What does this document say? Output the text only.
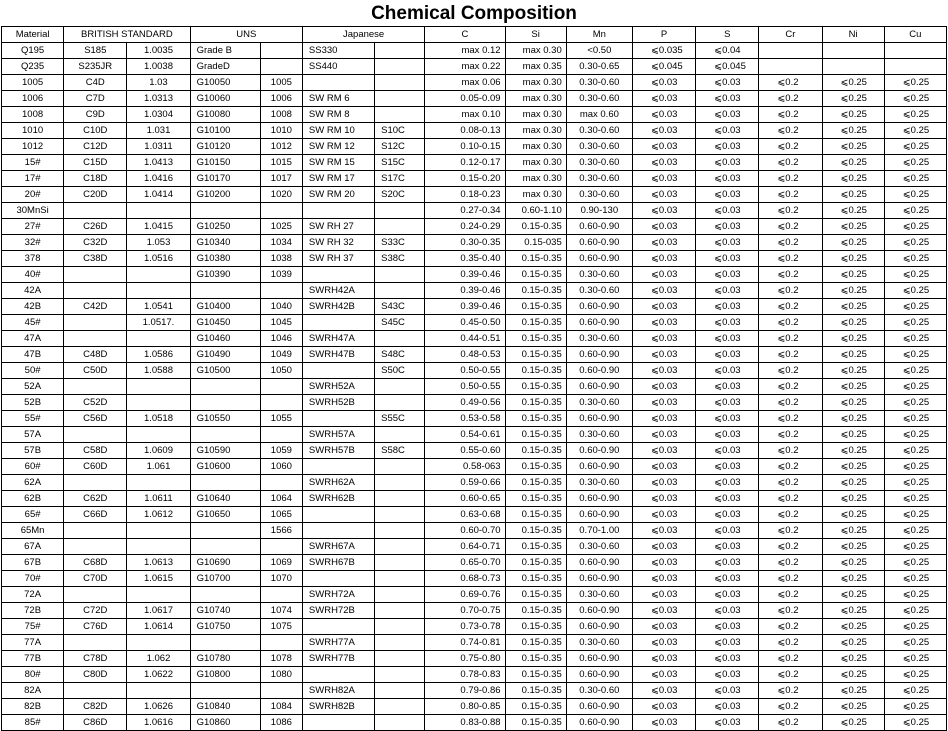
Chemical Composition
Material	BRITISH STANDARD		UNS		Japanese		C	Si	Mn	P	S	Cr	Ni	Cu
Q195	S185	1.0035	Grade B		SS330		max 0.12	max 0.30	<0.50	⩽0.035	⩽0.04			
Q235	S235JR	1.0038	GradeD		SS440		max 0.22	max 0.35	0.30-0.65	⩽0.045	⩽0.045			
1005	C4D	1.03	G10050	1005			max 0.06	max 0.30	0.30-0.60	⩽0.03	⩽0.03	⩽0.2	⩽0.25	⩽0.25
1006	C7D	1.0313	G10060	1006	SW RM 6		0.05-0.09	max 0.30	0.30-0.60	⩽0.03	⩽0.03	⩽0.2	⩽0.25	⩽0.25
1008	C9D	1.0304	G10080	1008	SW RM 8		max 0.10	max 0.30	max 0.60	⩽0.03	⩽0.03	⩽0.2	⩽0.25	⩽0.25
1010	C10D	1.031	G10100	1010	SW RM 10	S10C	0.08-0.13	max 0.30	0.30-0.60	⩽0.03	⩽0.03	⩽0.2	⩽0.25	⩽0.25
1012	C12D	1.0311	G10120	1012	SW RM 12	S12C	0.10-0.15	max 0.30	0.30-0.60	⩽0.03	⩽0.03	⩽0.2	⩽0.25	⩽0.25
15#	C15D	1.0413	G10150	1015	SW RM 15	S15C	0.12-0.17	max 0.30	0.30-0.60	⩽0.03	⩽0.03	⩽0.2	⩽0.25	⩽0.25
17#	C18D	1.0416	G10170	1017	SW RM 17	S17C	0.15-0.20	max 0.30	0.30-0.60	⩽0.03	⩽0.03	⩽0.2	⩽0.25	⩽0.25
20#	C20D	1.0414	G10200	1020	SW RM 20	S20C	0.18-0.23	max 0.30	0.30-0.60	⩽0.03	⩽0.03	⩽0.2	⩽0.25	⩽0.25
30MnSi							0.27-0.34	0.60-1.10	0.90-130	⩽0.03	⩽0.03	⩽0.2	⩽0.25	⩽0.25
27#	C26D	1.0415	G10250	1025	SW RH 27		0.24-0.29	0.15-0.35	0.60-0.90	⩽0.03	⩽0.03	⩽0.2	⩽0.25	⩽0.25
32#	C32D	1.053	G10340	1034	SW RH 32	S33C	0.30-0.35	0.15-035	0.60-0.90	⩽0.03	⩽0.03	⩽0.2	⩽0.25	⩽0.25
378	C38D	1.0516	G10380	1038	SW RH 37	S38C	0.35-0.40	0.15-0.35	0.60-0.90	⩽0.03	⩽0.03	⩽0.2	⩽0.25	⩽0.25
40#			G10390	1039			0.39-0.46	0.15-0.35	0.30-0.60	⩽0.03	⩽0.03	⩽0.2	⩽0.25	⩽0.25
42A					SWRH42A		0.39-0.46	0.15-0.35	0.30-0.60	⩽0.03	⩽0.03	⩽0.2	⩽0.25	⩽0.25
42B	C42D	1.0541	G10400	1040	SWRH42B	S43C	0.39-0.46	0.15-0.35	0.60-0.90	⩽0.03	⩽0.03	⩽0.2	⩽0.25	⩽0.25
45#		1.0517.	G10450	1045		S45C	0.45-0.50	0.15-0.35	0.60-0.90	⩽0.03	⩽0.03	⩽0.2	⩽0.25	⩽0.25
47A			G10460	1046	SWRH47A		0.44-0.51	0.15-0.35	0.30-0.60	⩽0.03	⩽0.03	⩽0.2	⩽0.25	⩽0.25
47B	C48D	1.0586	G10490	1049	SWRH47B	S48C	0.48-0.53	0.15-0.35	0.60-0.90	⩽0.03	⩽0.03	⩽0.2	⩽0.25	⩽0.25
50#	C50D	1.0588	G10500	1050		S50C	0.50-0.55	0.15-0.35	0.60-0.90	⩽0.03	⩽0.03	⩽0.2	⩽0.25	⩽0.25
52A					SWRH52A		0.50-0.55	0.15-0.35	0.60-0.90	⩽0.03	⩽0.03	⩽0.2	⩽0.25	⩽0.25
52B	C52D				SWRH52B		0.49-0.56	0.15-0.35	0.30-0.60	⩽0.03	⩽0.03	⩽0.2	⩽0.25	⩽0.25
55#	C56D	1.0518	G10550	1055		S55C	0.53-0.58	0.15-0.35	0.60-0.90	⩽0.03	⩽0.03	⩽0.2	⩽0.25	⩽0.25
57A					SWRH57A		0.54-0.61	0.15-0.35	0.30-0.60	⩽0.03	⩽0.03	⩽0.2	⩽0.25	⩽0.25
57B	C58D	1.0609	G10590	1059	SWRH57B	S58C	0.55-0.60	0.15-0.35	0.60-0.90	⩽0.03	⩽0.03	⩽0.2	⩽0.25	⩽0.25
60#	C60D	1.061	G10600	1060			0.58-063	0.15-0.35	0.60-0.90	⩽0.03	⩽0.03	⩽0.2	⩽0.25	⩽0.25
62A					SWRH62A		0.59-0.66	0.15-0.35	0.30-0.60	⩽0.03	⩽0.03	⩽0.2	⩽0.25	⩽0.25
62B	C62D	1.0611	G10640	1064	SWRH62B		0.60-0.65	0.15-0.35	0.60-0.90	⩽0.03	⩽0.03	⩽0.2	⩽0.25	⩽0.25
65#	C66D	1.0612	G10650	1065			0.63-0.68	0.15-0.35	0.60-0.90	⩽0.03	⩽0.03	⩽0.2	⩽0.25	⩽0.25
65Mn				1566			0.60-0.70	0.15-0.35	0.70-1.00	⩽0.03	⩽0.03	⩽0.2	⩽0.25	⩽0.25
67A					SWRH67A		0.64-0.71	0.15-0.35	0.30-0.60	⩽0.03	⩽0.03	⩽0.2	⩽0.25	⩽0.25
67B	C68D	1.0613	G10690	1069	SWRH67B		0.65-0.70	0.15-0.35	0.60-0.90	⩽0.03	⩽0.03	⩽0.2	⩽0.25	⩽0.25
70#	C70D	1.0615	G10700	1070			0.68-0.73	0.15-0.35	0.60-0.90	⩽0.03	⩽0.03	⩽0.2	⩽0.25	⩽0.25
72A					SWRH72A		0.69-0.76	0.15-0.35	0.30-0.60	⩽0.03	⩽0.03	⩽0.2	⩽0.25	⩽0.25
72B	C72D	1.0617	G10740	1074	SWRH72B		0.70-0.75	0.15-0.35	0.60-0.90	⩽0.03	⩽0.03	⩽0.2	⩽0.25	⩽0.25
75#	C76D	1.0614	G10750	1075			0.73-0.78	0.15-0.35	0.60-0.90	⩽0.03	⩽0.03	⩽0.2	⩽0.25	⩽0.25
77A					SWRH77A		0.74-0.81	0.15-0.35	0.30-0.60	⩽0.03	⩽0.03	⩽0.2	⩽0.25	⩽0.25
77B	C78D	1.062	G10780	1078	SWRH77B		0.75-0.80	0.15-0.35	0.60-0.90	⩽0.03	⩽0.03	⩽0.2	⩽0.25	⩽0.25
80#	C80D	1.0622	G10800	1080			0.78-0.83	0.15-0.35	0.60-0.90	⩽0.03	⩽0.03	⩽0.2	⩽0.25	⩽0.25
82A					SWRH82A		0.79-0.86	0.15-0.35	0.30-0.60	⩽0.03	⩽0.03	⩽0.2	⩽0.25	⩽0.25
82B	C82D	1.0626	G10840	1084	SWRH82B		0.80-0.85	0.15-0.35	0.60-0.90	⩽0.03	⩽0.03	⩽0.2	⩽0.25	⩽0.25
85#	C86D	1.0616	G10860	1086			0.83-0.88	0.15-0.35	0.60-0.90	⩽0.03	⩽0.03	⩽0.2	⩽0.25	⩽0.25
